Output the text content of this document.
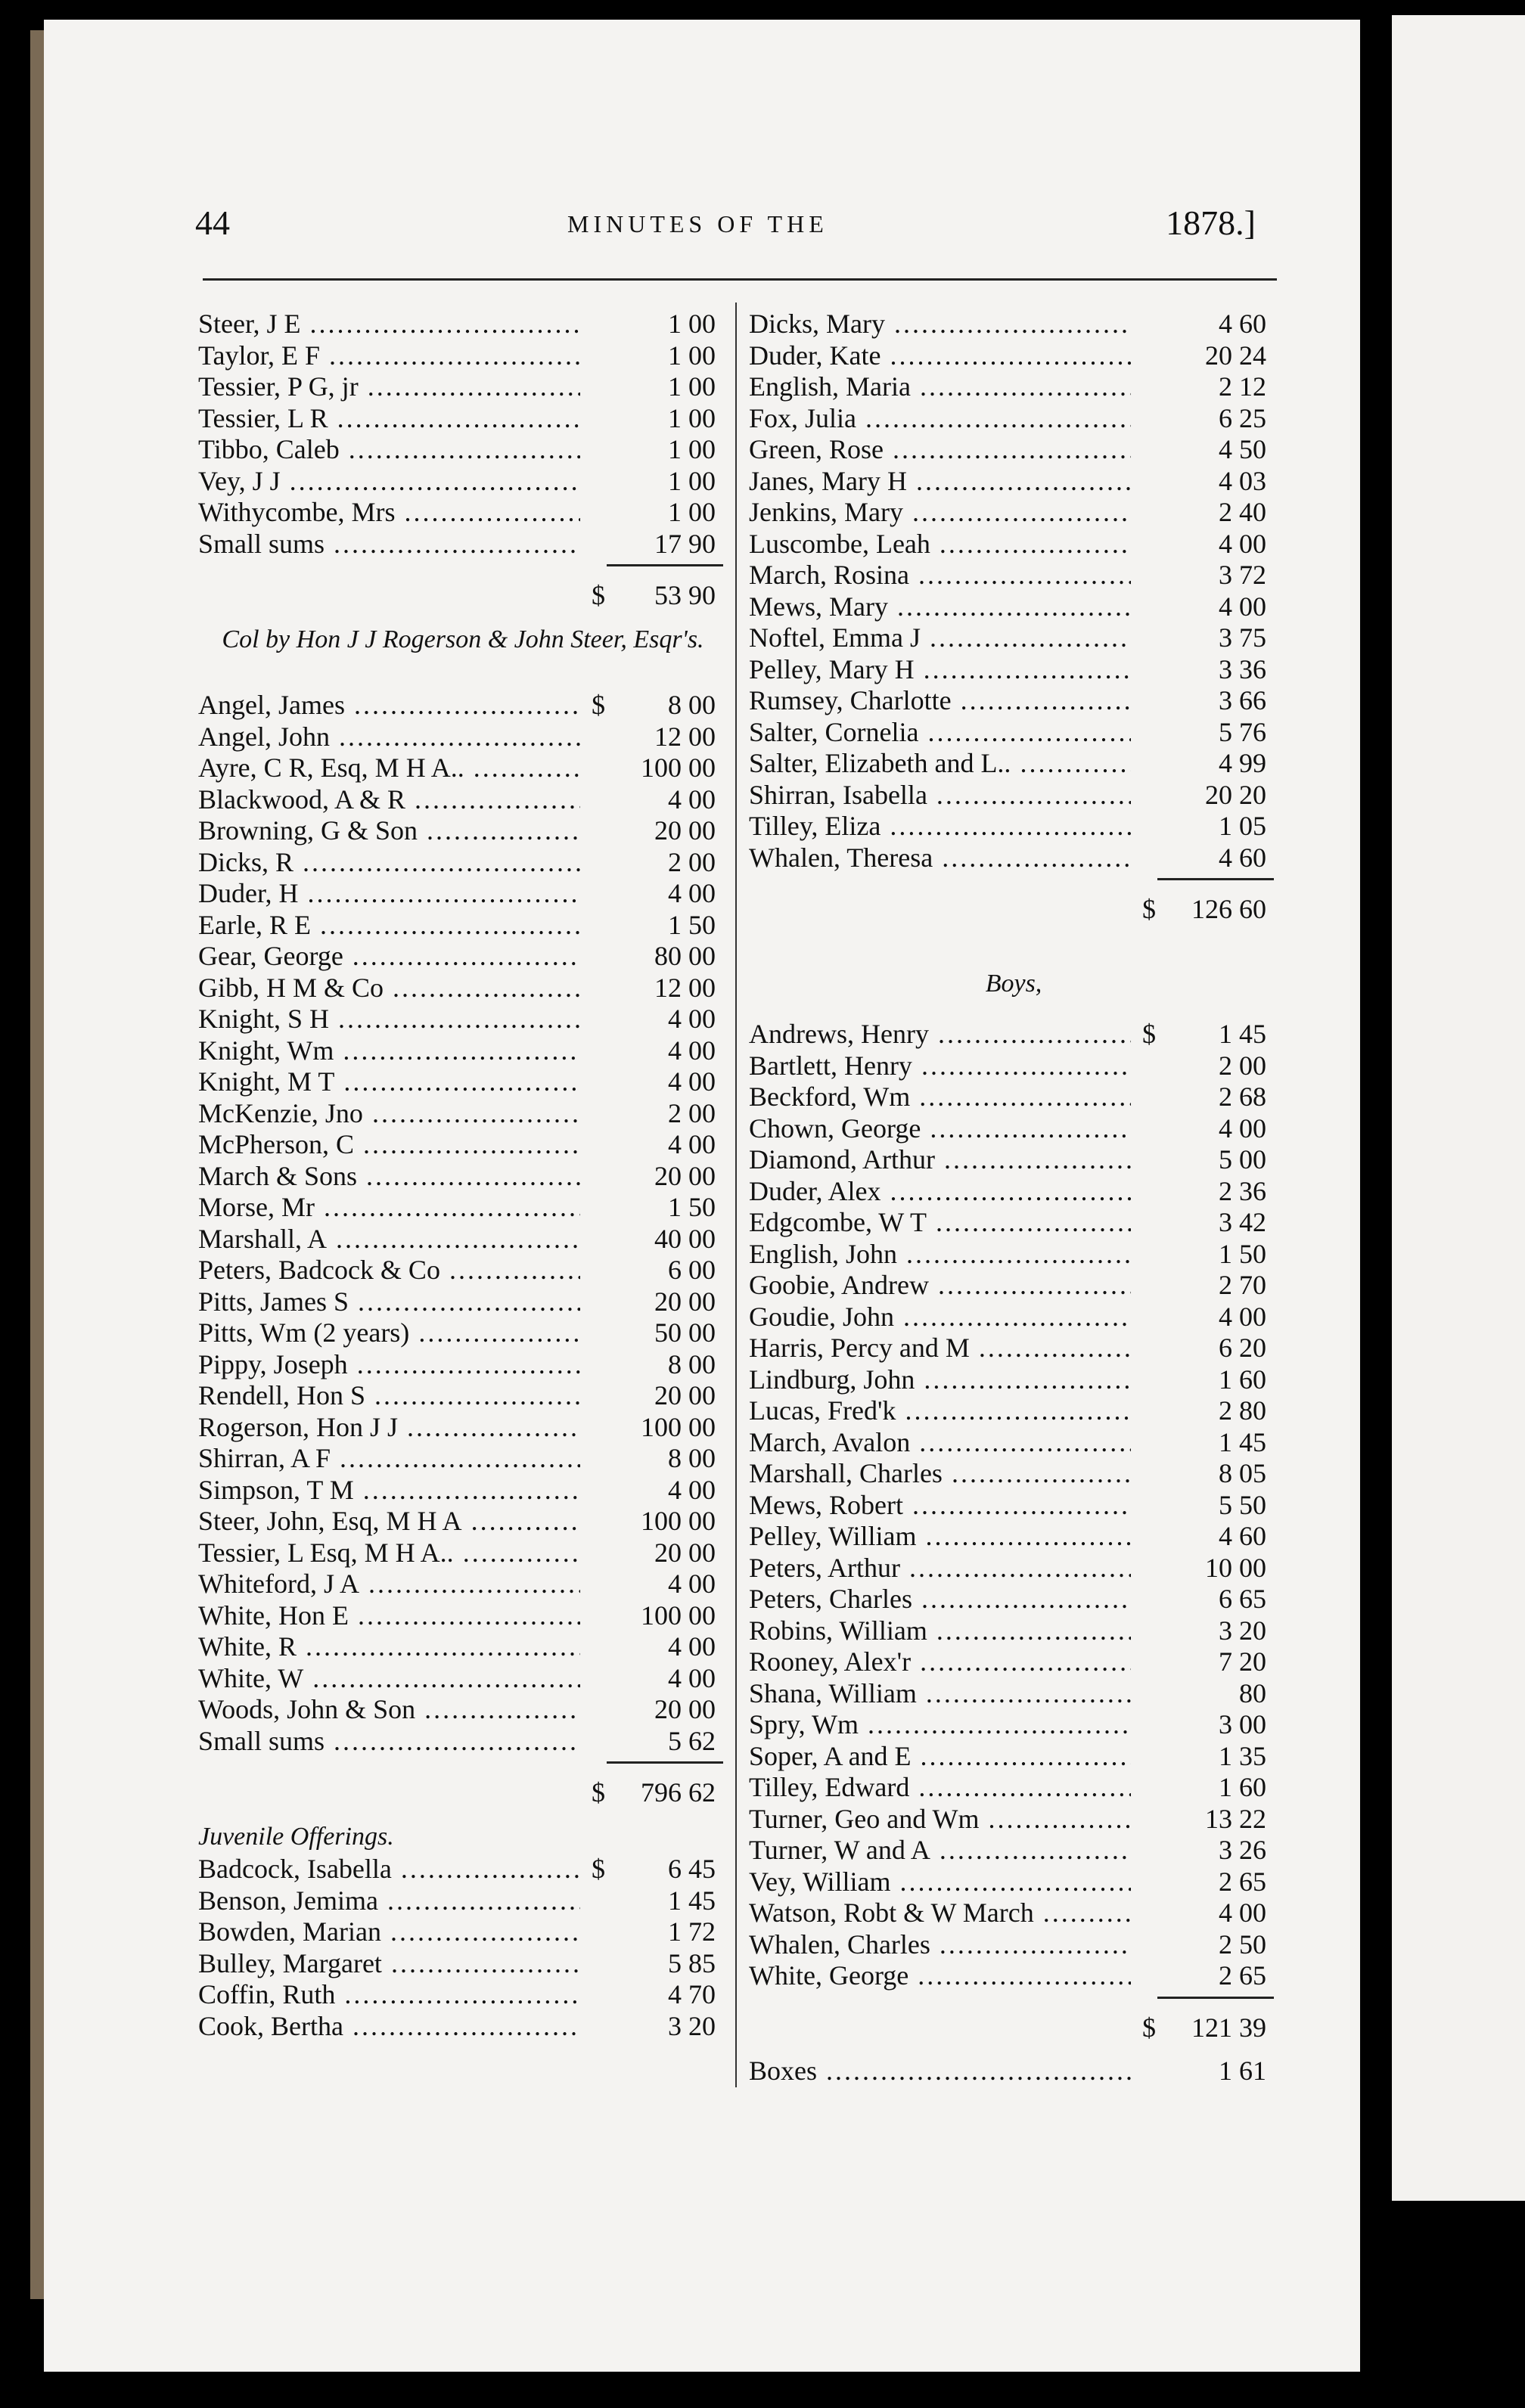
44	MINUTES OF THE	1878.]
Steer, J E .....	1 00
Taylor, E F .....	1 00
Tessier, P G, jr .....	1 00
Tessier, L R .....	1 00
Tibbo, Caleb .....	1 00
Vey, J J .....	1 00
Withycombe, Mrs .....	1 00
Small sums .....	17 90
$ 53 90
Col by Hon J J Rogerson & John Steer, Esqr's.
Angel, James .....	$ 8 00
Angel, John .....	12 00
Ayre, C R, Esq, M H A.. .....	100 00
Blackwood, A & R .....	4 00
Browning, G & Son .....	20 00
Dicks, R .....	2 00
Duder, H .....	4 00
Earle, R E .....	1 50
Gear, George .....	80 00
Gibb, H M & Co .....	12 00
Knight, S H .....	4 00
Knight, Wm .....	4 00
Knight, M T .....	4 00
McKenzie, Jno .....	2 00
McPherson, C .....	4 00
March & Sons .....	20 00
Morse, Mr .....	1 50
Marshall, A .....	40 00
Peters, Badcock & Co .....	6 00
Pitts, James S .....	20 00
Pitts, Wm (2 years) .....	50 00
Pippy, Joseph .....	8 00
Rendell, Hon S .....	20 00
Rogerson, Hon J J .....	100 00
Shirran, A F .....	8 00
Simpson, T M .....	4 00
Steer, John, Esq, M H A .....	100 00
Tessier, L Esq, M H A.. .....	20 00
Whiteford, J A .....	4 00
White, Hon E .....	100 00
White, R .....	4 00
White, W .....	4 00
Woods, John & Son .....	20 00
Small sums .....	5 62
$ 796 62
Juvenile Offerings.
Badcock, Isabella .....	$ 6 45
Benson, Jemima .....	1 45
Bowden, Marian .....	1 72
Bulley, Margaret .....	5 85
Coffin, Ruth .....	4 70
Cook, Bertha .....	3 20
Dicks, Mary .....	4 60
Duder, Kate .....	20 24
English, Maria .....	2 12
Fox, Julia .....	6 25
Green, Rose .....	4 50
Janes, Mary H .....	4 03
Jenkins, Mary .....	2 40
Luscombe, Leah .....	4 00
March, Rosina .....	3 72
Mews, Mary .....	4 00
Noftel, Emma J .....	3 75
Pelley, Mary H .....	3 36
Rumsey, Charlotte .....	3 66
Salter, Cornelia .....	5 76
Salter, Elizabeth and L.. .....	4 99
Shirran, Isabella .....	20 20
Tilley, Eliza .....	1 05
Whalen, Theresa .....	4 60
$ 126 60
Boys,
Andrews, Henry .....	$ 1 45
Bartlett, Henry .....	2 00
Beckford, Wm .....	2 68
Chown, George .....	4 00
Diamond, Arthur .....	5 00
Duder, Alex .....	2 36
Edgcombe, W T .....	3 42
English, John .....	1 50
Goobie, Andrew .....	2 70
Goudie, John .....	4 00
Harris, Percy and M .....	6 20
Lindburg, John .....	1 60
Lucas, Fred'k .....	2 80
March, Avalon .....	1 45
Marshall, Charles .....	8 05
Mews, Robert .....	5 50
Pelley, William .....	4 60
Peters, Arthur .....	10 00
Peters, Charles .....	6 65
Robins, William .....	3 20
Rooney, Alex'r .....	7 20
Shana, William .....	80
Spry, Wm .....	3 00
Soper, A and E .....	1 35
Tilley, Edward .....	1 60
Turner, Geo and Wm .....	13 22
Turner, W and A .....	3 26
Vey, William .....	2 65
Watson, Robt & W March .....	4 00
Whalen, Charles .....	2 50
White, George .....	2 65
$ 121 39
Boxes .....	1 61
